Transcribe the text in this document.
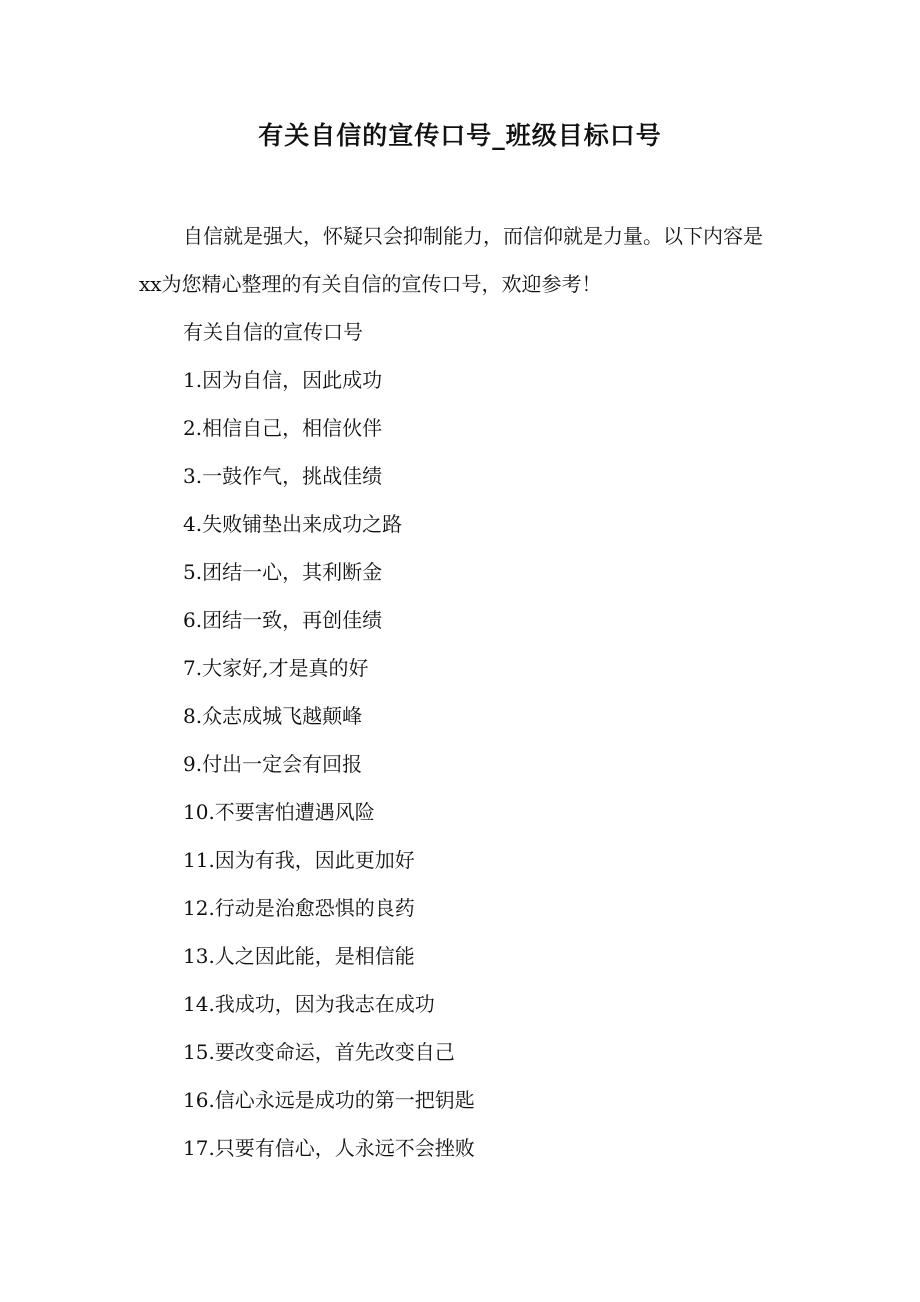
有关自信的宣传口号_班级目标口号

自信就是强大，怀疑只会抑制能力，而信仰就是力量。以下内容是xx为您精心整理的有关自信的宣传口号，欢迎参考！

有关自信的宣传口号
1.因为自信，因此成功
2.相信自己，相信伙伴
3.一鼓作气，挑战佳绩
4.失败铺垫出来成功之路
5.团结一心，其利断金
6.团结一致，再创佳绩
7.大家好,才是真的好
8.众志成城飞越颠峰
9.付出一定会有回报
10.不要害怕遭遇风险
11.因为有我，因此更加好
12.行动是治愈恐惧的良药
13.人之因此能，是相信能
14.我成功，因为我志在成功
15.要改变命运，首先改变自己
16.信心永远是成功的第一把钥匙
17.只要有信心，人永远不会挫败
